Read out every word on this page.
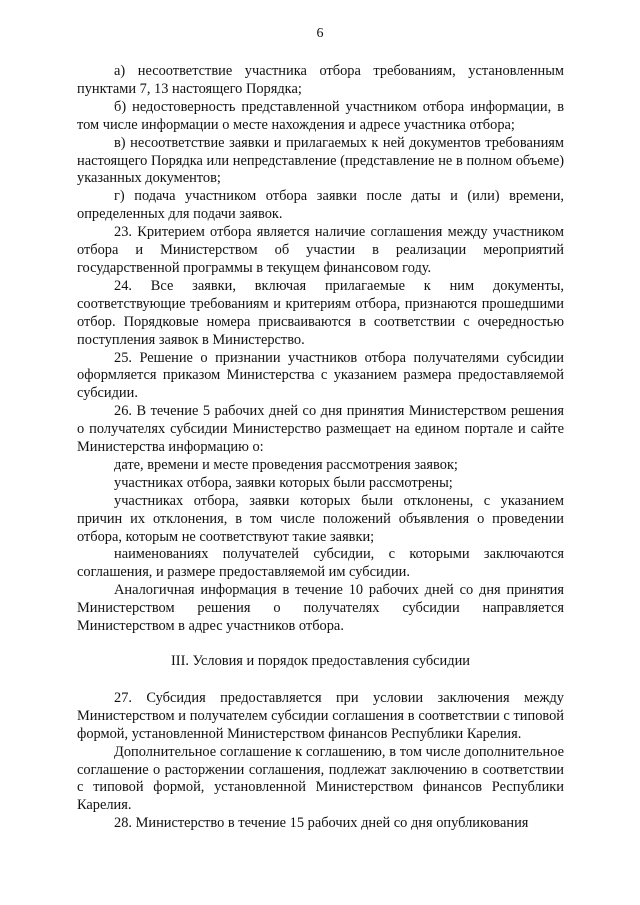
6

а) несоответствие участника отбора требованиям, установленным пунктами 7, 13 настоящего Порядка;

б) недостоверность представленной участником отбора информации, в том числе информации о месте нахождения и адресе участника отбора;

в) несоответствие заявки и прилагаемых к ней документов требованиям настоящего Порядка или непредставление (представление не в полном объеме) указанных документов;

г) подача участником отбора заявки после даты и (или) времени, определенных для подачи заявок.

23. Критерием отбора является наличие соглашения между участником отбора и Министерством об участии в реализации мероприятий государственной программы в текущем финансовом году.

24. Все заявки, включая прилагаемые к ним документы, соответствующие требованиям и критериям отбора, признаются прошедшими отбор. Порядковые номера присваиваются в соответствии с очередностью поступления заявок в Министерство.

25. Решение о признании участников отбора получателями субсидии оформляется приказом Министерства с указанием размера предоставляемой субсидии.

26. В течение 5 рабочих дней со дня принятия Министерством решения о получателях субсидии Министерство размещает на едином портале и сайте Министерства информацию о:

дате, времени и месте проведения рассмотрения заявок;

участниках отбора, заявки которых были рассмотрены;

участниках отбора, заявки которых были отклонены, с указанием причин их отклонения, в том числе положений объявления о проведении отбора, которым не соответствуют такие заявки;

наименованиях получателей субсидии, с которыми заключаются соглашения, и размере предоставляемой им субсидии.

Аналогичная информация в течение 10 рабочих дней со дня принятия Министерством решения о получателях субсидии направляется Министерством в адрес участников отбора.

III. Условия и порядок предоставления субсидии

27. Субсидия предоставляется при условии заключения между Министерством и получателем субсидии соглашения в соответствии с типовой формой, установленной Министерством финансов Республики Карелия.

Дополнительное соглашение к соглашению, в том числе дополнительное соглашение о расторжении соглашения, подлежат заключению в соответствии с типовой формой, установленной Министерством финансов Республики Карелия.

28. Министерство в течение 15 рабочих дней со дня опубликования
